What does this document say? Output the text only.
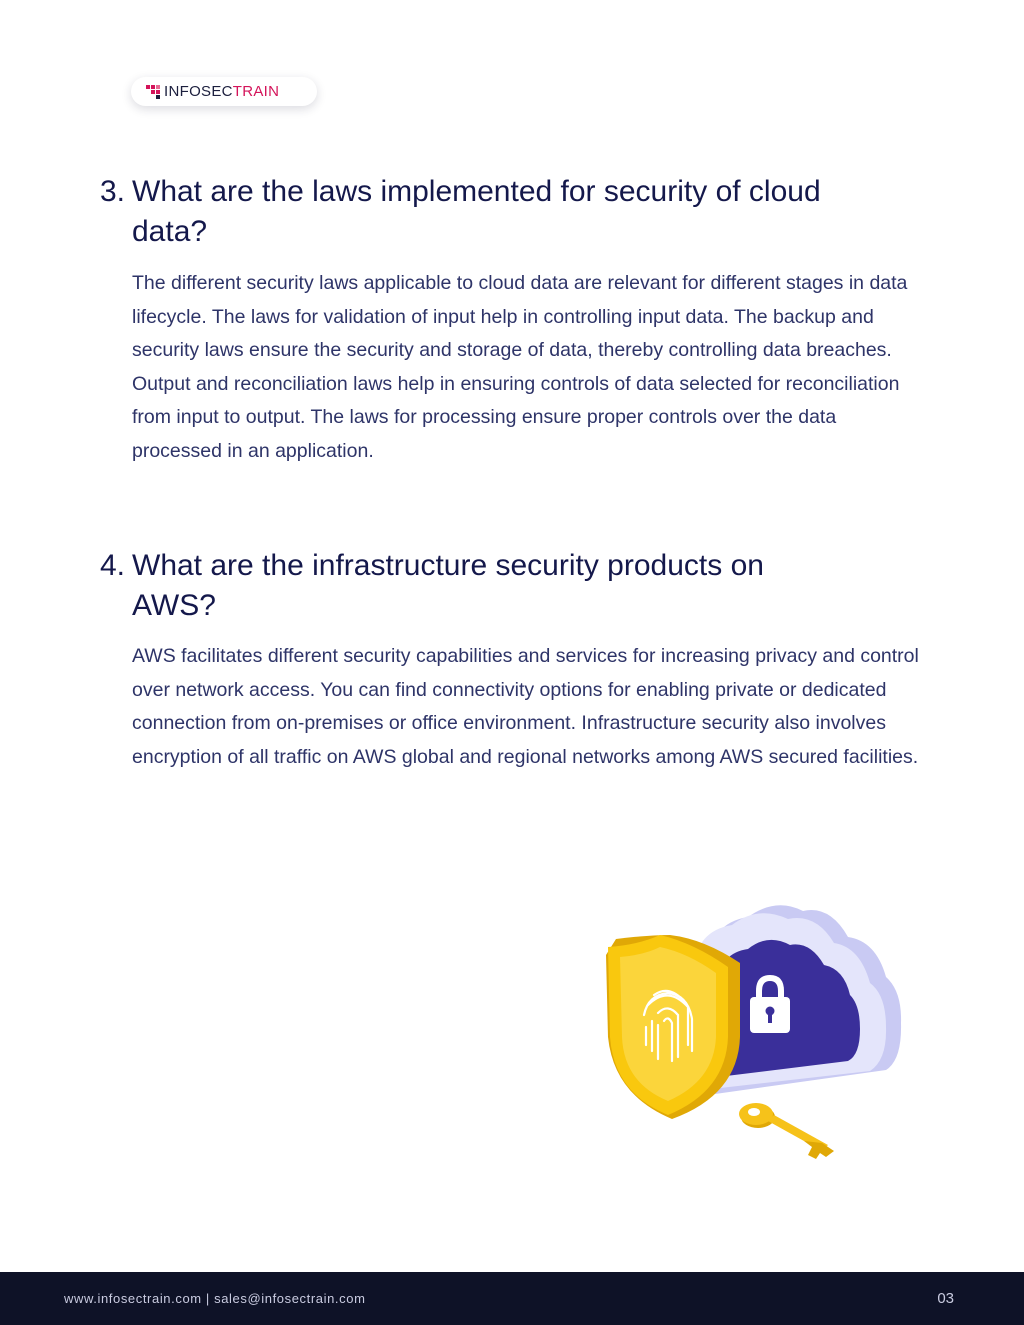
INFOSECTRAIN
3. What are the laws implemented for security of cloud
data?

The different security laws applicable to cloud data are relevant for different stages in data lifecycle. The laws for validation of input help in controlling input data. The backup and security laws ensure the security and storage of data, thereby controlling data breaches. Output and reconciliation laws help in ensuring controls of data selected for reconciliation from input to output. The laws for processing ensure proper controls over the data processed in an application.

4. What are the infrastructure security products on
AWS?

AWS facilitates different security capabilities and services for increasing privacy and control over network access. You can find connectivity options for enabling private or dedicated connection from on-premises or office environment. Infrastructure security also involves encryption of all traffic on AWS global and regional networks among AWS secured facilities.

www.infosectrain.com | sales@infosectrain.com	03
